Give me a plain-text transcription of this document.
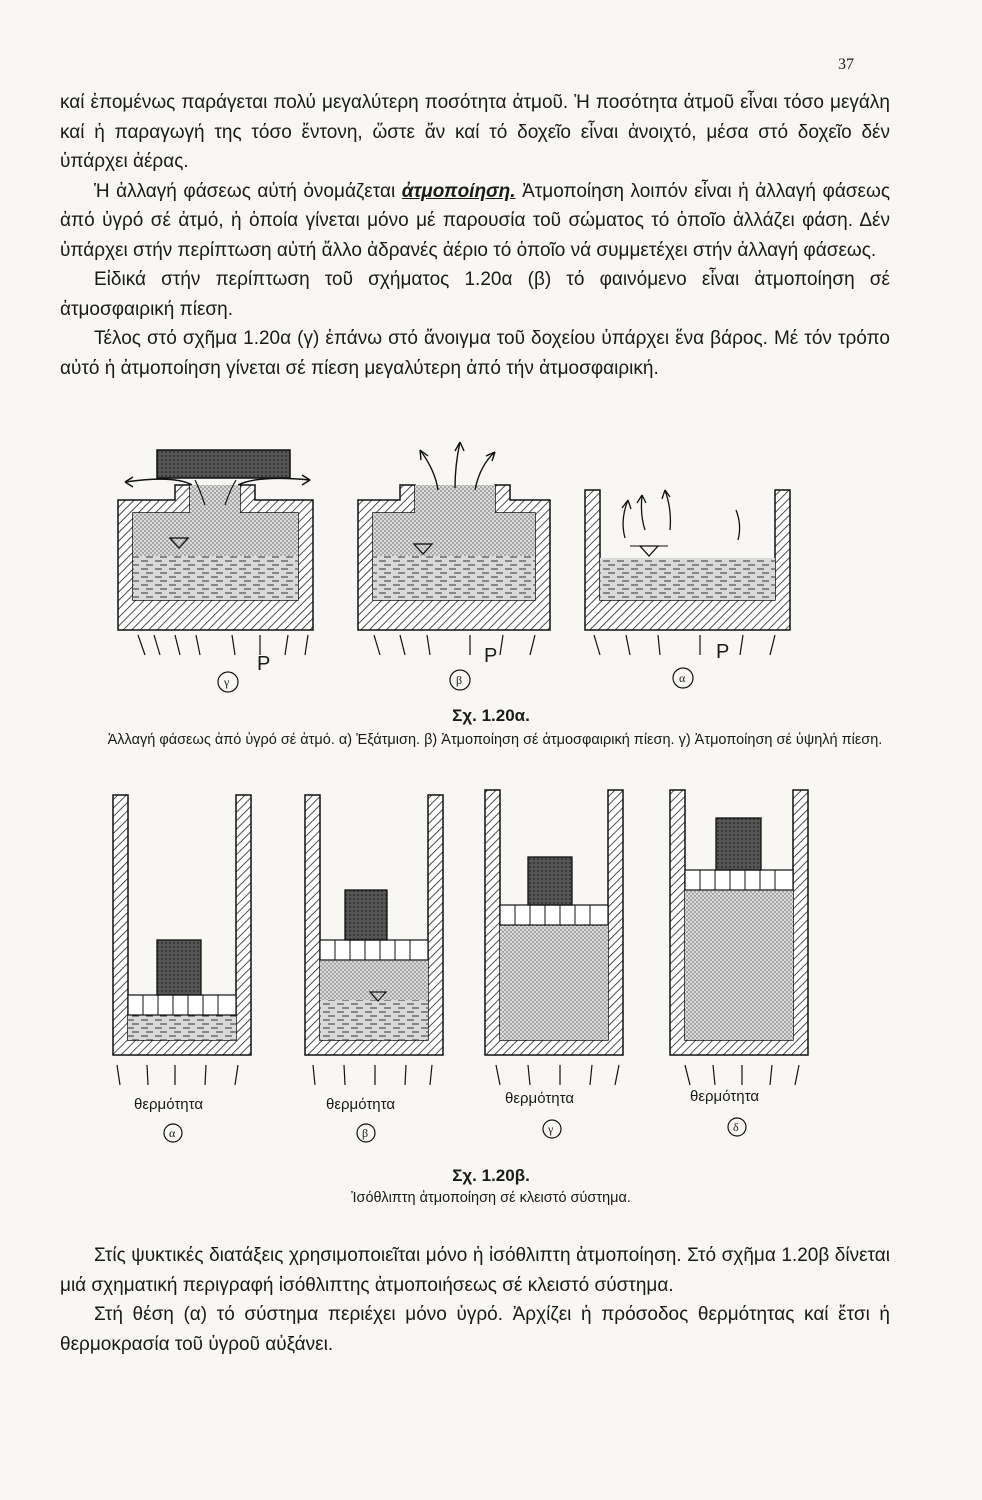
37

καί ἑπομένως παράγεται πολύ μεγαλύτερη ποσότητα ἀτμοῦ. Ἡ ποσότητα ἀτμοῦ εἶναι τόσο μεγάλη καί ἡ παραγωγή της τόσο ἔντονη, ὥστε ἄν καί τό δοχεῖο εἶναι ἀνοιχτό, μέσα στό δοχεῖο δέν ὑπάρχει ἀέρας.

Ἡ ἀλλαγή φάσεως αὐτή ὀνομάζεται ἀτμοποίηση. Ἀτμοποίηση λοιπόν εἶναι ἡ ἀλλαγή φάσεως ἀπό ὑγρό σέ ἀτμό, ἡ ὁποία γίνεται μόνο μέ παρουσία τοῦ σώματος τό ὁποῖο ἀλλάζει φάση. Δέν ὑπάρχει στήν περίπτωση αὐτή ἄλλο ἀδρανές ἀέριο τό ὁποῖο νά συμμετέχει στήν ἀλλαγή φάσεως.

Εἰδικά στήν περίπτωση τοῦ σχήματος 1.20α (β) τό φαινόμενο εἶναι ἀτμοποίηση σέ ἀτμοσφαιρική πίεση.

Τέλος στό σχῆμα 1.20α (γ) ἐπάνω στό ἄνοιγμα τοῦ δοχείου ὑπάρχει ἕνα βάρος. Μέ τόν τρόπο αὐτό ἡ ἀτμοποίηση γίνεται σέ πίεση μεγαλύτερη ἀπό τήν ἀτμοσφαιρική.

P
γ
P
β
P
α
Σχ. 1.20α.
Ἀλλαγή φάσεως ἀπό ὑγρό σέ ἀτμό. α) Ἐξάτμιση. β) Ἀτμοποίηση σέ ἀτμοσφαιρική πίεση. γ) Ἀτμοποίηση σέ ὑψηλή πίεση.
θερμότητα
α
θερμότητα
β
θερμότητα
γ
θερμότητα
δ
Σχ. 1.20β.
Ἰσόθλιπτη ἀτμοποίηση σέ κλειστό σύστημα.

Στίς ψυκτικές διατάξεις χρησιμοποιεῖται μόνο ἡ ἰσόθλιπτη ἀτμοποίηση. Στό σχῆμα 1.20β δίνεται μιά σχηματική περιγραφή ἰσόθλιπτης ἀτμοποιήσεως σέ κλειστό σύστημα.

Στή θέση (α) τό σύστημα περιέχει μόνο ὑγρό. Ἀρχίζει ἡ πρόσοδος θερμότητας καί ἔτσι ἡ θερμοκρασία τοῦ ὑγροῦ αὐξάνει.
